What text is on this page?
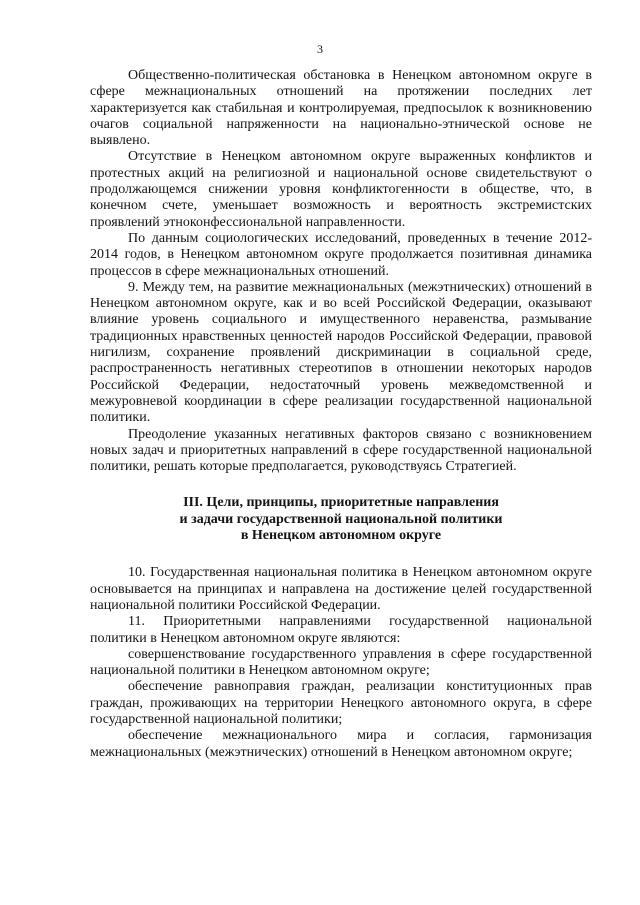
3

Общественно-политическая обстановка в Ненецком автономном округе в сфере межнациональных отношений на протяжении последних лет характеризуется как стабильная и контролируемая, предпосылок к возникновению очагов социальной напряженности на национально-этнической основе не выявлено.

Отсутствие в Ненецком автономном округе выраженных конфликтов и протестных акций на религиозной и национальной основе свидетельствуют о продолжающемся снижении уровня конфликтогенности в обществе, что, в конечном счете, уменьшает возможность и вероятность экстремистских проявлений этноконфессиональной направленности.

По данным социологических исследований, проведенных в течение 2012-2014 годов, в Ненецком автономном округе продолжается позитивная динамика процессов в сфере межнациональных отношений.

9. Между тем, на развитие межнациональных (межэтнических) отношений в Ненецком автономном округе, как и во всей Российской Федерации, оказывают влияние уровень социального и имущественного неравенства, размывание традиционных нравственных ценностей народов Российской Федерации, правовой нигилизм, сохранение проявлений дискриминации в социальной среде, распространенность негативных стереотипов в отношении некоторых народов Российской Федерации, недостаточный уровень межведомственной и межуровневой координации в сфере реализации государственной национальной политики.

Преодоление указанных негативных факторов связано с возникновением новых задач и приоритетных направлений в сфере государственной национальной политики, решать которые предполагается, руководствуясь Стратегией.

III. Цели, принципы, приоритетные направления
и задачи государственной национальной политики
в Ненецком автономном округе

10. Государственная национальная политика в Ненецком автономном округе основывается на принципах и направлена на достижение целей государственной национальной политики Российской Федерации.

11. Приоритетными направлениями государственной национальной политики в Ненецком автономном округе являются:

совершенствование государственного управления в сфере государственной национальной политики в Ненецком автономном округе;

обеспечение равноправия граждан, реализации конституционных прав граждан, проживающих на территории Ненецкого автономного округа, в сфере государственной национальной политики;

обеспечение межнационального мира и согласия, гармонизация межнациональных (межэтнических) отношений в Ненецком автономном округе;
